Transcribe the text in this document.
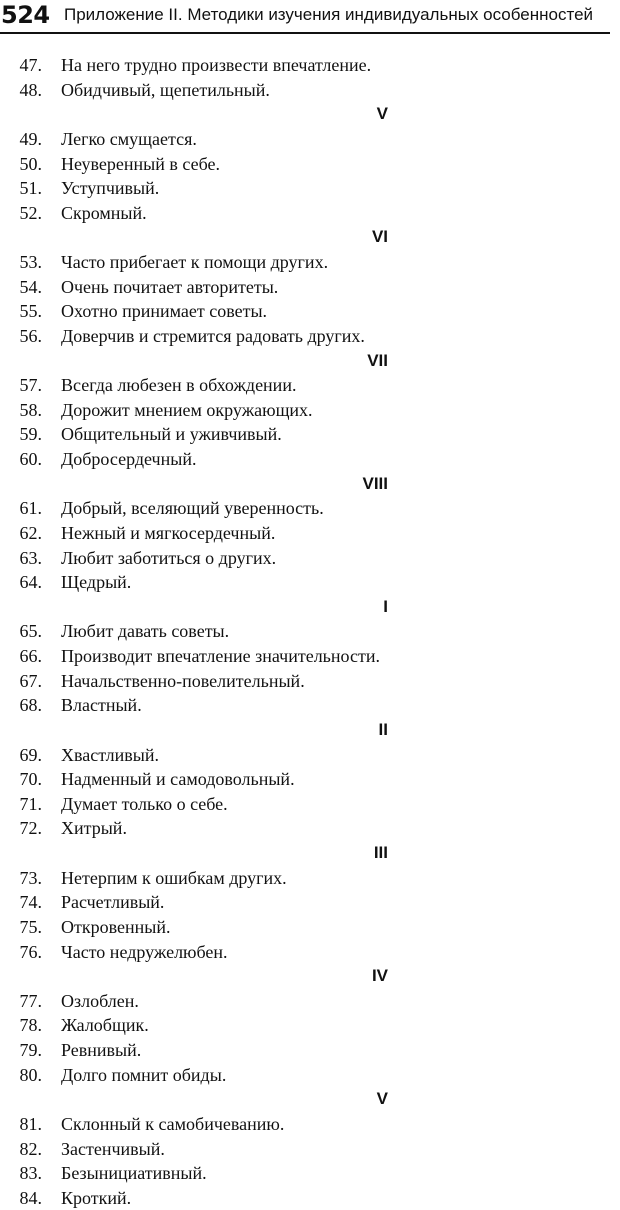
524 Приложение II. Методики изучения индивидуальных особенностей
47. На него трудно произвести впечатление.
48. Обидчивый, щепетильный.
V
49. Легко смущается.
50. Неуверенный в себе.
51. Уступчивый.
52. Скромный.
VI
53. Часто прибегает к помощи других.
54. Очень почитает авторитеты.
55. Охотно принимает советы.
56. Доверчив и стремится радовать других.
VII
57. Всегда любезен в обхождении.
58. Дорожит мнением окружающих.
59. Общительный и уживчивый.
60. Добросердечный.
VIII
61. Добрый, вселяющий уверенность.
62. Нежный и мягкосердечный.
63. Любит заботиться о других.
64. Щедрый.
I
65. Любит давать советы.
66. Производит впечатление значительности.
67. Начальственно-повелительный.
68. Властный.
II
69. Хвастливый.
70. Надменный и самодовольный.
71. Думает только о себе.
72. Хитрый.
III
73. Нетерпим к ошибкам других.
74. Расчетливый.
75. Откровенный.
76. Часто недружелюбен.
IV
77. Озлоблен.
78. Жалобщик.
79. Ревнивый.
80. Долго помнит обиды.
V
81. Склонный к самобичеванию.
82. Застенчивый.
83. Безынициативный.
84. Кроткий.
